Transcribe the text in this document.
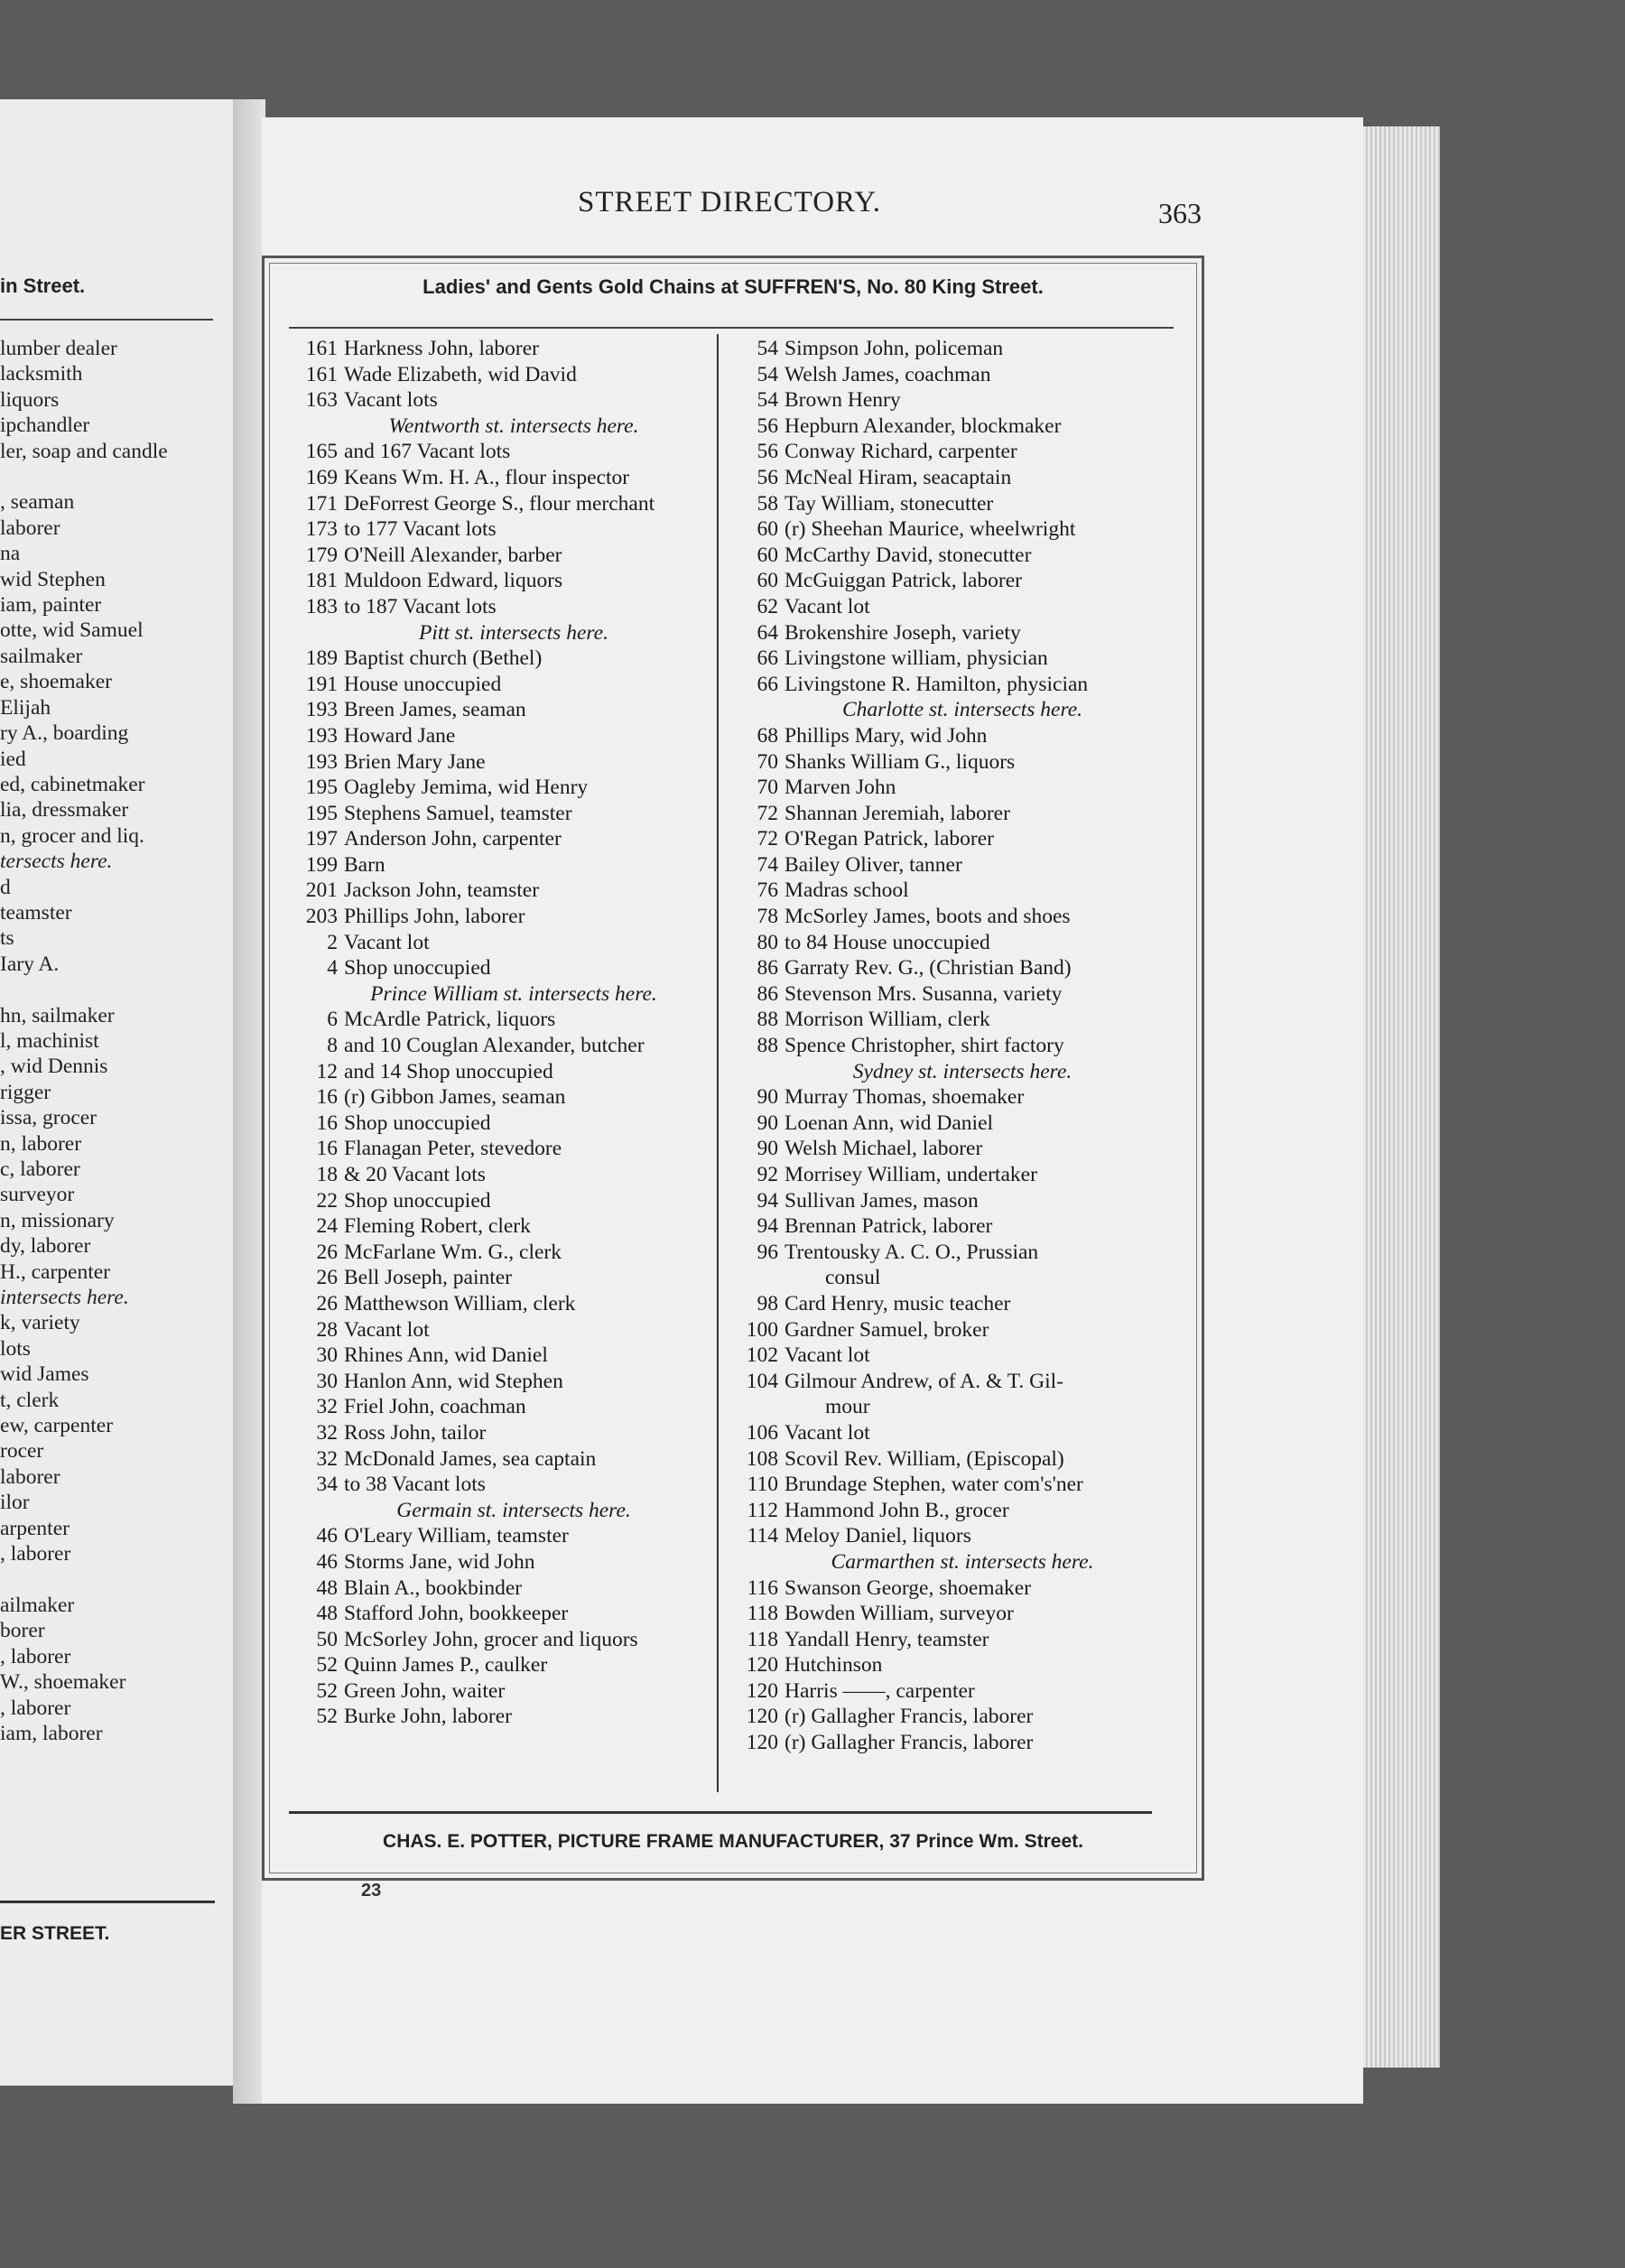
in Street.
lumber dealer
lacksmith
liquors
ipchandler
ler, soap and candle

, seaman
laborer
na
wid Stephen
iam, painter
otte, wid Samuel
sailmaker
e, shoemaker
Elijah
ry A., boarding
ied
ed, cabinetmaker
lia, dressmaker
n, grocer and liq.
tersects here.
d
teamster
ts
Iary A.

hn, sailmaker
l, machinist
, wid Dennis
rigger
issa, grocer
n, laborer
c, laborer
surveyor
n, missionary
dy, laborer
H., carpenter
intersects here.
k, variety
lots
wid James
t, clerk
ew, carpenter
rocer
laborer
ilor
arpenter
, laborer

ailmaker
borer
, laborer
W., shoemaker
, laborer
iam, laborer
ER STREET.
STREET DIRECTORY.	363
Ladies' and Gents Gold Chains at SUFFREN'S, No. 80 King Street.
161 Harkness John, laborer
161 Wade Elizabeth, wid David
163 Vacant lots
Wentworth st. intersects here.
165 and 167 Vacant lots
169 Keans Wm. H. A., flour inspector
171 DeForrest George S., flour merchant
173 to 177 Vacant lots
179 O'Neill Alexander, barber
181 Muldoon Edward, liquors
183 to 187 Vacant lots
Pitt st. intersects here.
189 Baptist church (Bethel)
191 House unoccupied
193 Breen James, seaman
193 Howard Jane
193 Brien Mary Jane
195 Oagleby Jemima, wid Henry
195 Stephens Samuel, teamster
197 Anderson John, carpenter
199 Barn
201 Jackson John, teamster
203 Phillips John, laborer
2 Vacant lot
4 Shop unoccupied
Prince William st. intersects here.
6 McArdle Patrick, liquors
8 and 10 Couglan Alexander, butcher
12 and 14 Shop unoccupied
16 (r) Gibbon James, seaman
16 Shop unoccupied
16 Flanagan Peter, stevedore
18 & 20 Vacant lots
22 Shop unoccupied
24 Fleming Robert, clerk
26 McFarlane Wm. G., clerk
26 Bell Joseph, painter
26 Matthewson William, clerk
28 Vacant lot
30 Rhines Ann, wid Daniel
30 Hanlon Ann, wid Stephen
32 Friel John, coachman
32 Ross John, tailor
32 McDonald James, sea captain
34 to 38 Vacant lots
Germain st. intersects here.
46 O'Leary William, teamster
46 Storms Jane, wid John
48 Blain A., bookbinder
48 Stafford John, bookkeeper
50 McSorley John, grocer and liquors
52 Quinn James P., caulker
52 Green John, waiter
52 Burke John, laborer
54 Simpson John, policeman
54 Welsh James, coachman
54 Brown Henry
56 Hepburn Alexander, blockmaker
56 Conway Richard, carpenter
56 McNeal Hiram, seacaptain
58 Tay William, stonecutter
60 (r) Sheehan Maurice, wheelwright
60 McCarthy David, stonecutter
60 McGuiggan Patrick, laborer
62 Vacant lot
64 Brokenshire Joseph, variety
66 Livingstone william, physician
66 Livingstone R. Hamilton, physician
Charlotte st. intersects here.
68 Phillips Mary, wid John
70 Shanks William G., liquors
70 Marven John
72 Shannan Jeremiah, laborer
72 O'Regan Patrick, laborer
74 Bailey Oliver, tanner
76 Madras school
78 McSorley James, boots and shoes
80 to 84 House unoccupied
86 Garraty Rev. G., (Christian Band)
86 Stevenson Mrs. Susanna, variety
88 Morrison William, clerk
88 Spence Christopher, shirt factory
Sydney st. intersects here.
90 Murray Thomas, shoemaker
90 Loenan Ann, wid Daniel
90 Welsh Michael, laborer
92 Morrisey William, undertaker
94 Sullivan James, mason
94 Brennan Patrick, laborer
96 Trentousky A. C. O., Prussian
consul
98 Card Henry, music teacher
100 Gardner Samuel, broker
102 Vacant lot
104 Gilmour Andrew, of A. & T. Gil-
mour
106 Vacant lot
108 Scovil Rev. William, (Episcopal)
110 Brundage Stephen, water com's'ner
112 Hammond John B., grocer
114 Meloy Daniel, liquors
Carmarthen st. intersects here.
116 Swanson George, shoemaker
118 Bowden William, surveyor
118 Yandall Henry, teamster
120 Hutchinson
120 Harris ——, carpenter
120 (r) Gallagher Francis, laborer
120 (r) Gallagher Francis, laborer
CHAS. E. POTTER, PICTURE FRAME MANUFACTURER, 37 Prince Wm. Street.
23
